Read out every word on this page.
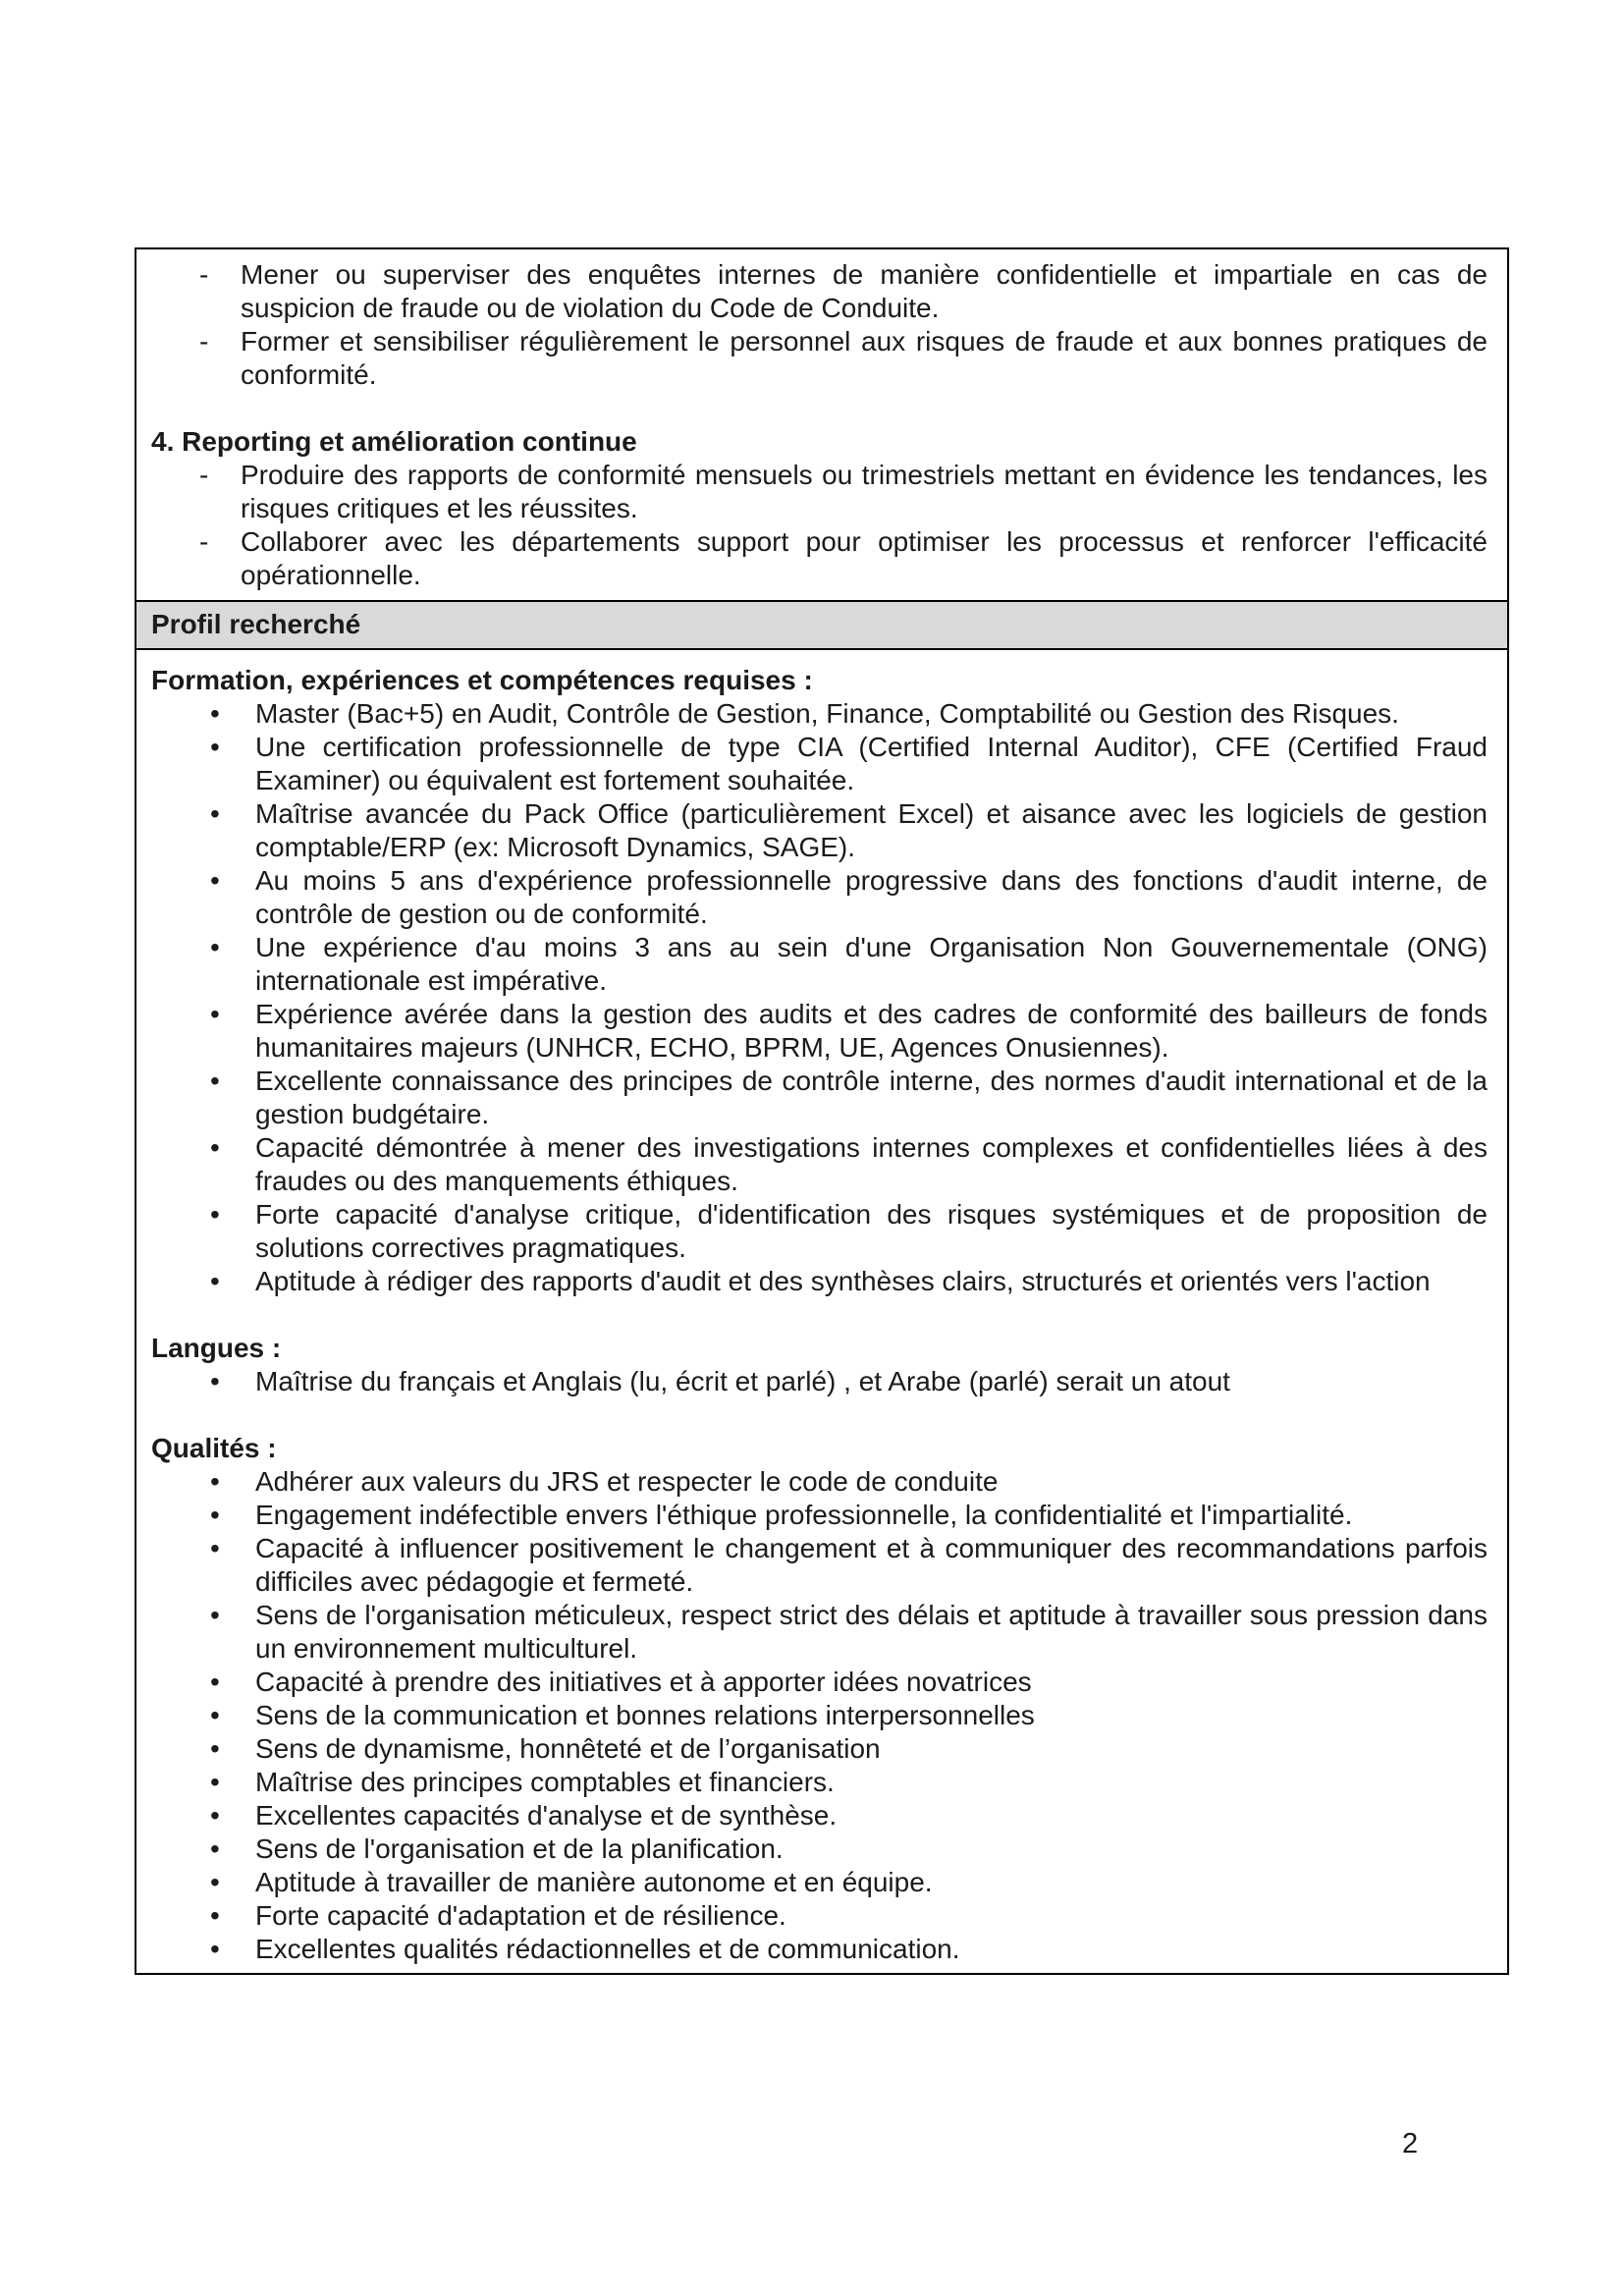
- Mener ou superviser des enquêtes internes de manière confidentielle et impartiale en cas de suspicion de fraude ou de violation du Code de Conduite.
- Former et sensibiliser régulièrement le personnel aux risques de fraude et aux bonnes pratiques de conformité.
4. Reporting et amélioration continue
- Produire des rapports de conformité mensuels ou trimestriels mettant en évidence les tendances, les risques critiques et les réussites.
- Collaborer avec les départements support pour optimiser les processus et renforcer l'efficacité opérationnelle.
Profil recherché
Formation, expériences et compétences requises :
• Master (Bac+5) en Audit, Contrôle de Gestion, Finance, Comptabilité ou Gestion des Risques.
• Une certification professionnelle de type CIA (Certified Internal Auditor), CFE (Certified Fraud Examiner) ou équivalent est fortement souhaitée.
• Maîtrise avancée du Pack Office (particulièrement Excel) et aisance avec les logiciels de gestion comptable/ERP (ex: Microsoft Dynamics, SAGE).
• Au moins 5 ans d'expérience professionnelle progressive dans des fonctions d'audit interne, de contrôle de gestion ou de conformité.
• Une expérience d'au moins 3 ans au sein d'une Organisation Non Gouvernementale (ONG) internationale est impérative.
• Expérience avérée dans la gestion des audits et des cadres de conformité des bailleurs de fonds humanitaires majeurs (UNHCR, ECHO, BPRM, UE, Agences Onusiennes).
• Excellente connaissance des principes de contrôle interne, des normes d'audit international et de la gestion budgétaire.
• Capacité démontrée à mener des investigations internes complexes et confidentielles liées à des fraudes ou des manquements éthiques.
• Forte capacité d'analyse critique, d'identification des risques systémiques et de proposition de solutions correctives pragmatiques.
• Aptitude à rédiger des rapports d'audit et des synthèses clairs, structurés et orientés vers l'action
Langues :
• Maîtrise du français et Anglais (lu, écrit et parlé) , et Arabe (parlé) serait un atout
Qualités :
• Adhérer aux valeurs du JRS et respecter le code de conduite
• Engagement indéfectible envers l'éthique professionnelle, la confidentialité et l'impartialité.
• Capacité à influencer positivement le changement et à communiquer des recommandations parfois difficiles avec pédagogie et fermeté.
• Sens de l'organisation méticuleux, respect strict des délais et aptitude à travailler sous pression dans un environnement multiculturel.
• Capacité à prendre des initiatives et à apporter idées novatrices
• Sens de la communication et bonnes relations interpersonnelles
• Sens de dynamisme, honnêteté et de l’organisation
• Maîtrise des principes comptables et financiers.
• Excellentes capacités d'analyse et de synthèse.
• Sens de l'organisation et de la planification.
• Aptitude à travailler de manière autonome et en équipe.
• Forte capacité d'adaptation et de résilience.
• Excellentes qualités rédactionnelles et de communication.
2
